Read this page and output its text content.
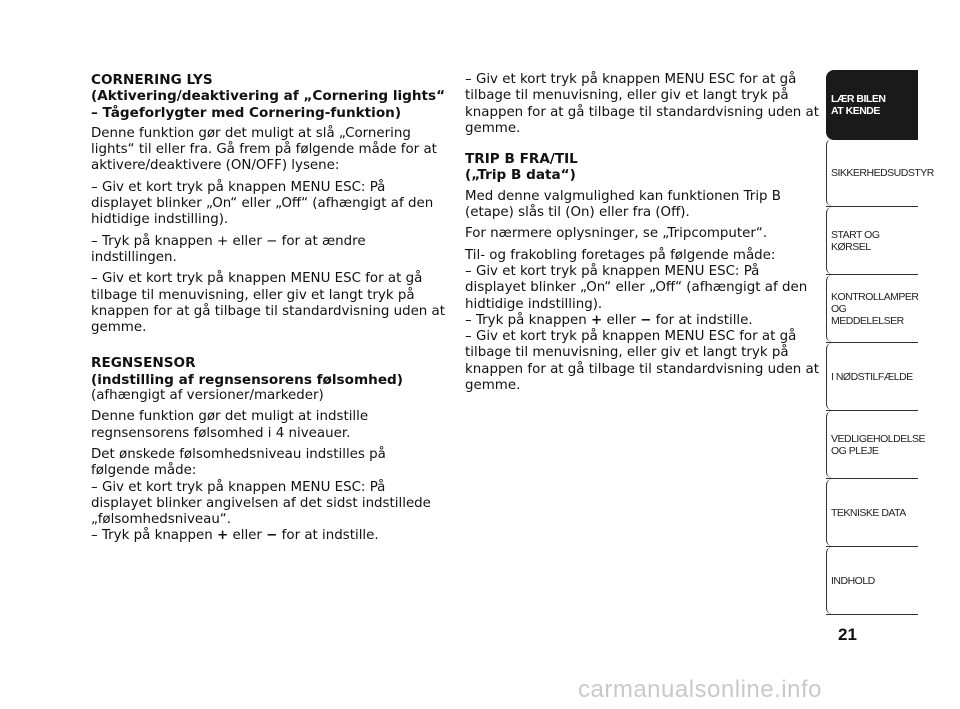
CORNERING LYS
(Aktivering/deaktivering af „Cornering lights“
– Tågeforlygter med Cornering-funktion)

Denne funktion gør det muligt at slå „Cornering lights“ til eller fra. Gå frem på følgende måde for at aktivere/deaktivere (ON/OFF) lysene:

– Giv et kort tryk på knappen MENU ESC: På displayet blinker „On“ eller „Off“ (afhængigt af den hidtidige indstilling).

– Tryk på knappen + eller − for at ændre indstillingen.

– Giv et kort tryk på knappen MENU ESC for at gå tilbage til menuvisning, eller giv et langt tryk på knappen for at gå tilbage til standardvisning uden at gemme.

REGNSENSOR
(indstilling af regnsensorens følsomhed)

(afhængigt af versioner/markeder)

Denne funktion gør det muligt at indstille regnsensorens følsomhed i 4 niveauer.

Det ønskede følsomhedsniveau indstilles på følgende måde:

– Giv et kort tryk på knappen MENU ESC: På displayet blinker angivelsen af det sidst indstillede „følsomhedsniveau“.

– Tryk på knappen + eller − for at indstille.

– Giv et kort tryk på knappen MENU ESC for at gå tilbage til menuvisning, eller giv et langt tryk på knappen for at gå tilbage til standardvisning uden at gemme.

TRIP B FRA/TIL
(„Trip B data“)

Med denne valgmulighed kan funktionen Trip B (etape) slås til (On) eller fra (Off).

For nærmere oplysninger, se „Tripcomputer“.

Til- og frakobling foretages på følgende måde:

– Giv et kort tryk på knappen MENU ESC: På displayet blinker „On“ eller „Off“ (afhængigt af den hidtidige indstilling).

– Tryk på knappen + eller − for at indstille.

– Giv et kort tryk på knappen MENU ESC for at gå tilbage til menuvisning, eller giv et langt tryk på knappen for at gå tilbage til standardvisning uden at gemme.

LÆR BILEN
AT KENDE
SIKKERHEDSUDSTYR
START OG KØRSEL
KONTROLLAMPER
OG MEDDELELSER
I NØDSTILFÆLDE
VEDLIGEHOLDELSE
OG PLEJE
TEKNISKE DATA
INDHOLD
21
carmanualsonline.info
